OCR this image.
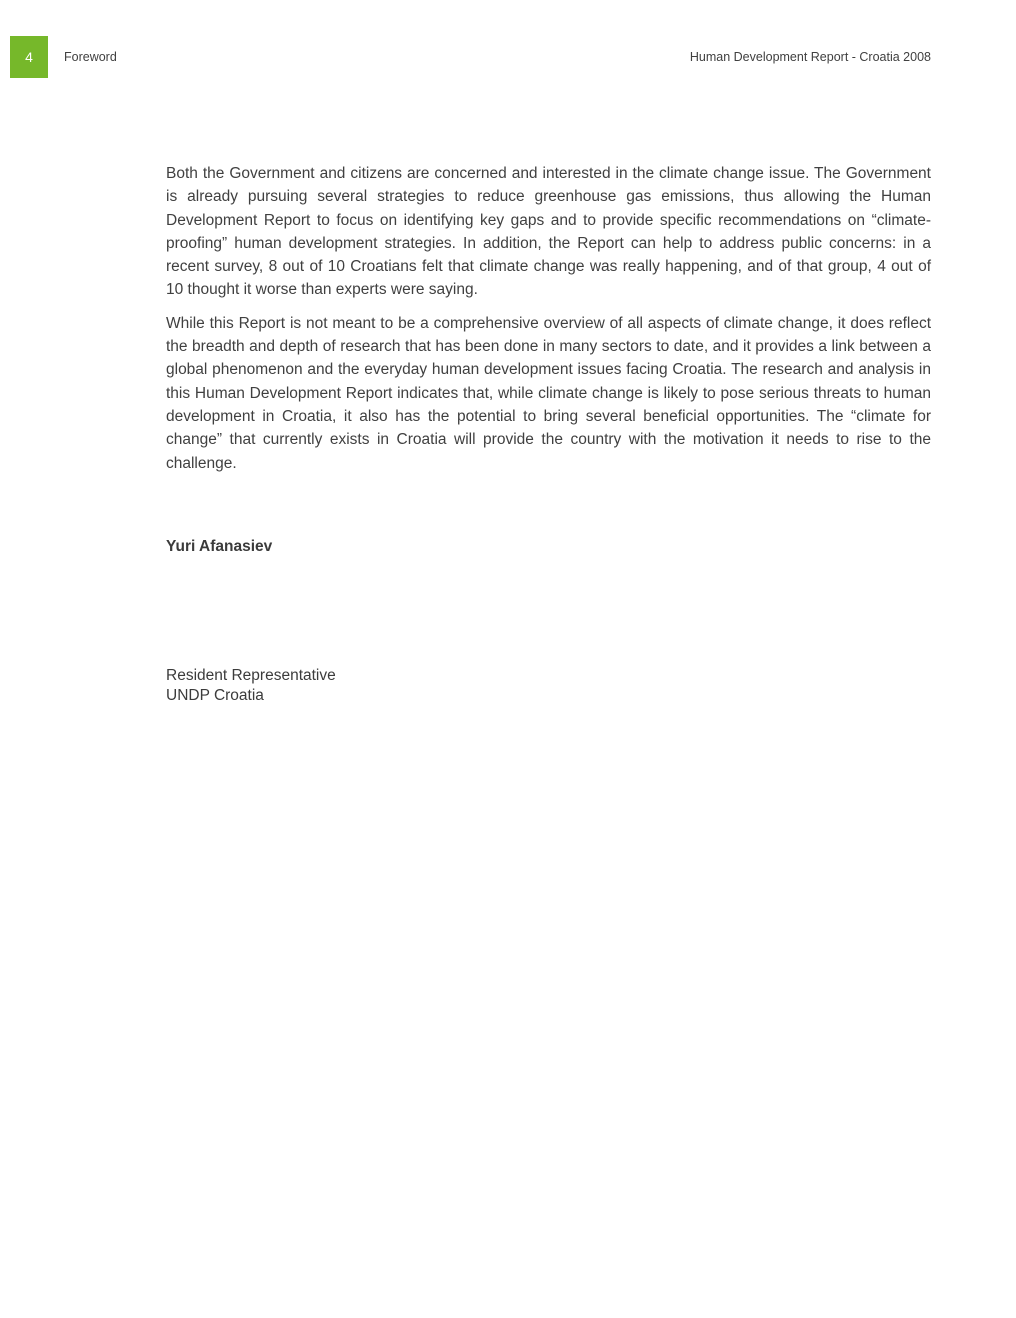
4 Foreword	Human Development Report - Croatia 2008

Both the Government and citizens are concerned and interested in the climate change issue. The Government is already pursuing several strategies to reduce greenhouse gas emissions, thus allowing the Human Development Report to focus on identifying key gaps and to provide specific recommendations on “climate-proofing” human development strategies. In addition, the Report can help to address public concerns: in a recent survey, 8 out of 10 Croatians felt that climate change was really happening, and of that group, 4 out of 10 thought it worse than experts were saying.

While this Report is not meant to be a comprehensive overview of all aspects of climate change, it does reflect the breadth and depth of research that has been done in many sectors to date, and it provides a link between a global phenomenon and the everyday human development issues facing Croatia. The research and analysis in this Human Development Report indicates that, while climate change is likely to pose serious threats to human development in Croatia, it also has the potential to bring several beneficial opportunities. The “climate for change” that currently exists in Croatia will provide the country with the motivation it needs to rise to the challenge.

Yuri Afanasiev
Resident Representative
UNDP Croatia
